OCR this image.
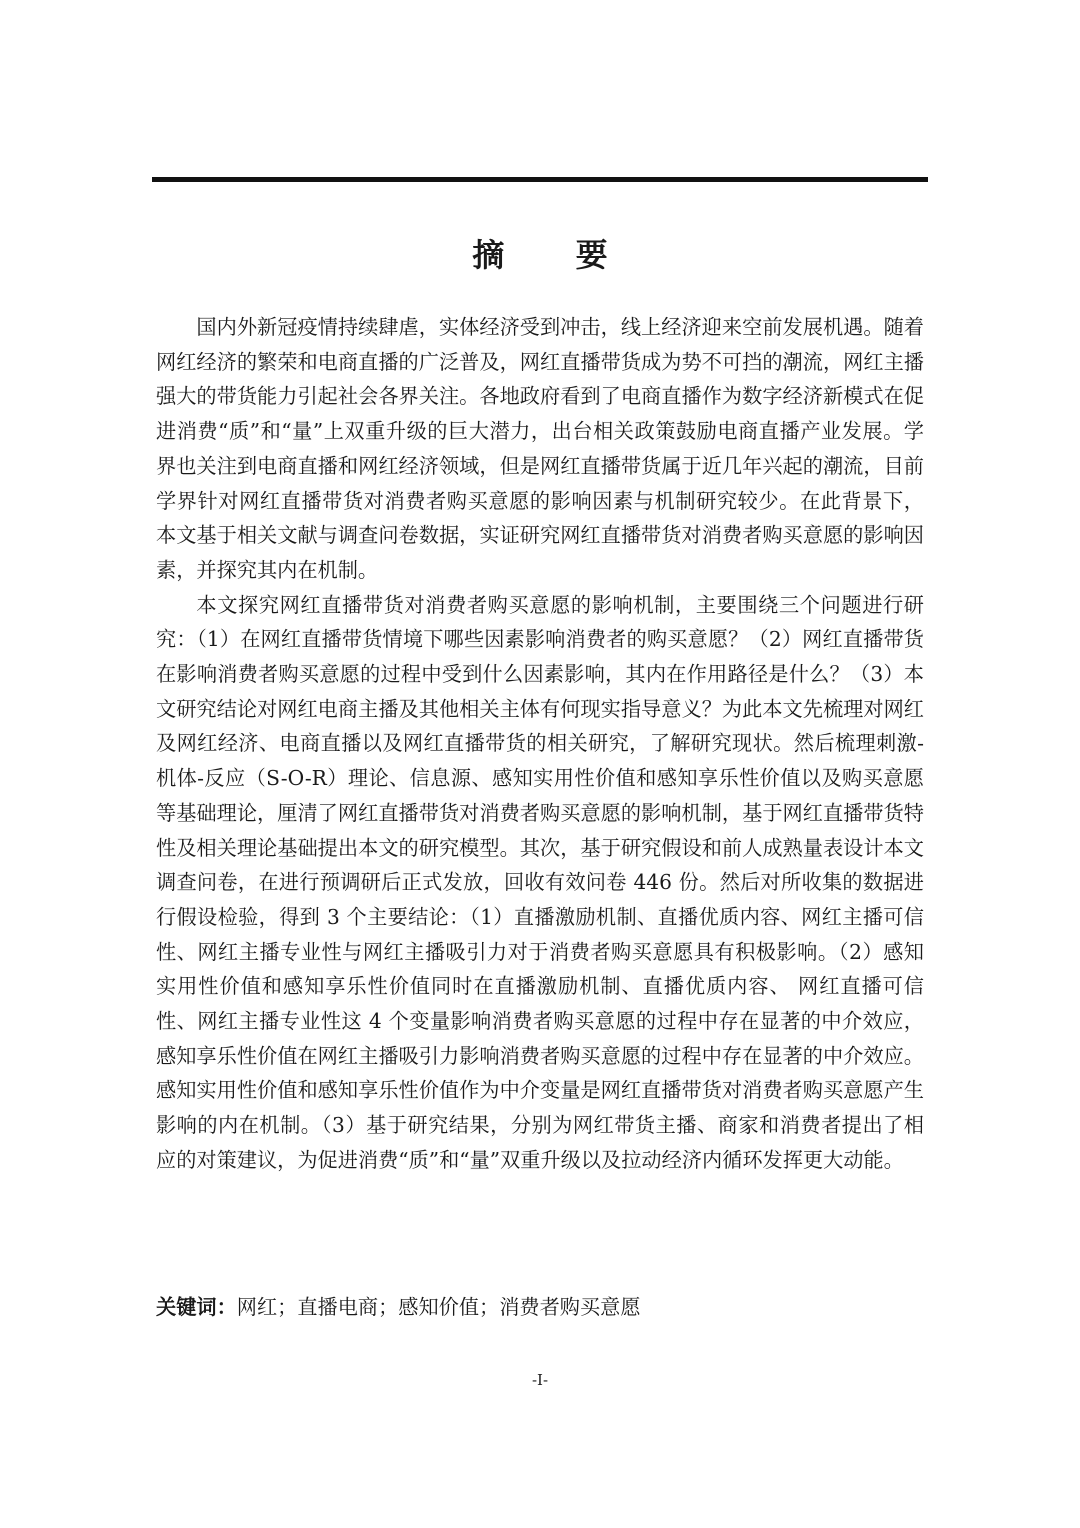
摘 要

国内外新冠疫情持续肆虐，实体经济受到冲击，线上经济迎来空前发展机遇。随着网红经济的繁荣和电商直播的广泛普及，网红直播带货成为势不可挡的潮流，网红主播强大的带货能力引起社会各界关注。各地政府看到了电商直播作为数字经济新模式在促进消费“质”和“量”上双重升级的巨大潜力，出台相关政策鼓励电商直播产业发展。学界也关注到电商直播和网红经济领域，但是网红直播带货属于近几年兴起的潮流，目前学界针对网红直播带货对消费者购买意愿的影响因素与机制研究较少。在此背景下， 本文基于相关文献与调查问卷数据，实证研究网红直播带货对消费者购买意愿的影响因素，并探究其内在机制。

本文探究网红直播带货对消费者购买意愿的影响机制，主要围绕三个问题进行研究：（1）在网红直播带货情境下哪些因素影响消费者的购买意愿？（2）网红直播带货在影响消费者购买意愿的过程中受到什么因素影响，其内在作用路径是什么？（3）本文研究结论对网红电商主播及其他相关主体有何现实指导意义？为此本文先梳理对网红及网红经济、电商直播以及网红直播带货的相关研究，了解研究现状。然后梳理刺激-机体-反应（S-O-R）理论、信息源、感知实用性价值和感知享乐性价值以及购买意愿等基础理论，厘清了网红直播带货对消费者购买意愿的影响机制，基于网红直播带货特性及相关理论基础提出本文的研究模型。其次，基于研究假设和前人成熟量表设计本文调查问卷，在进行预调研后正式发放，回收有效问卷 446 份。然后对所收集的数据进行假设检验，得到 3 个主要结论：（1）直播激励机制、直播优质内容、网红主播可信性、网红主播专业性与网红主播吸引力对于消费者购买意愿具有积极影响。（2）感知实用性价值和感知享乐性价值同时在直播激励机制、直播优质内容、 网红直播可信性、网红主播专业性这 4 个变量影响消费者购买意愿的过程中存在显著的中介效应，感知享乐性价值在网红主播吸引力影响消费者购买意愿的过程中存在显著的中介效应。感知实用性价值和感知享乐性价值作为中介变量是网红直播带货对消费者购买意愿产生影响的内在机制。（3）基于研究结果，分别为网红带货主播、商家和消费者提出了相应的对策建议，为促进消费“质”和“量”双重升级以及拉动经济内循环发挥更大动能。

关键词：网红；直播电商；感知价值；消费者购买意愿
-I-
